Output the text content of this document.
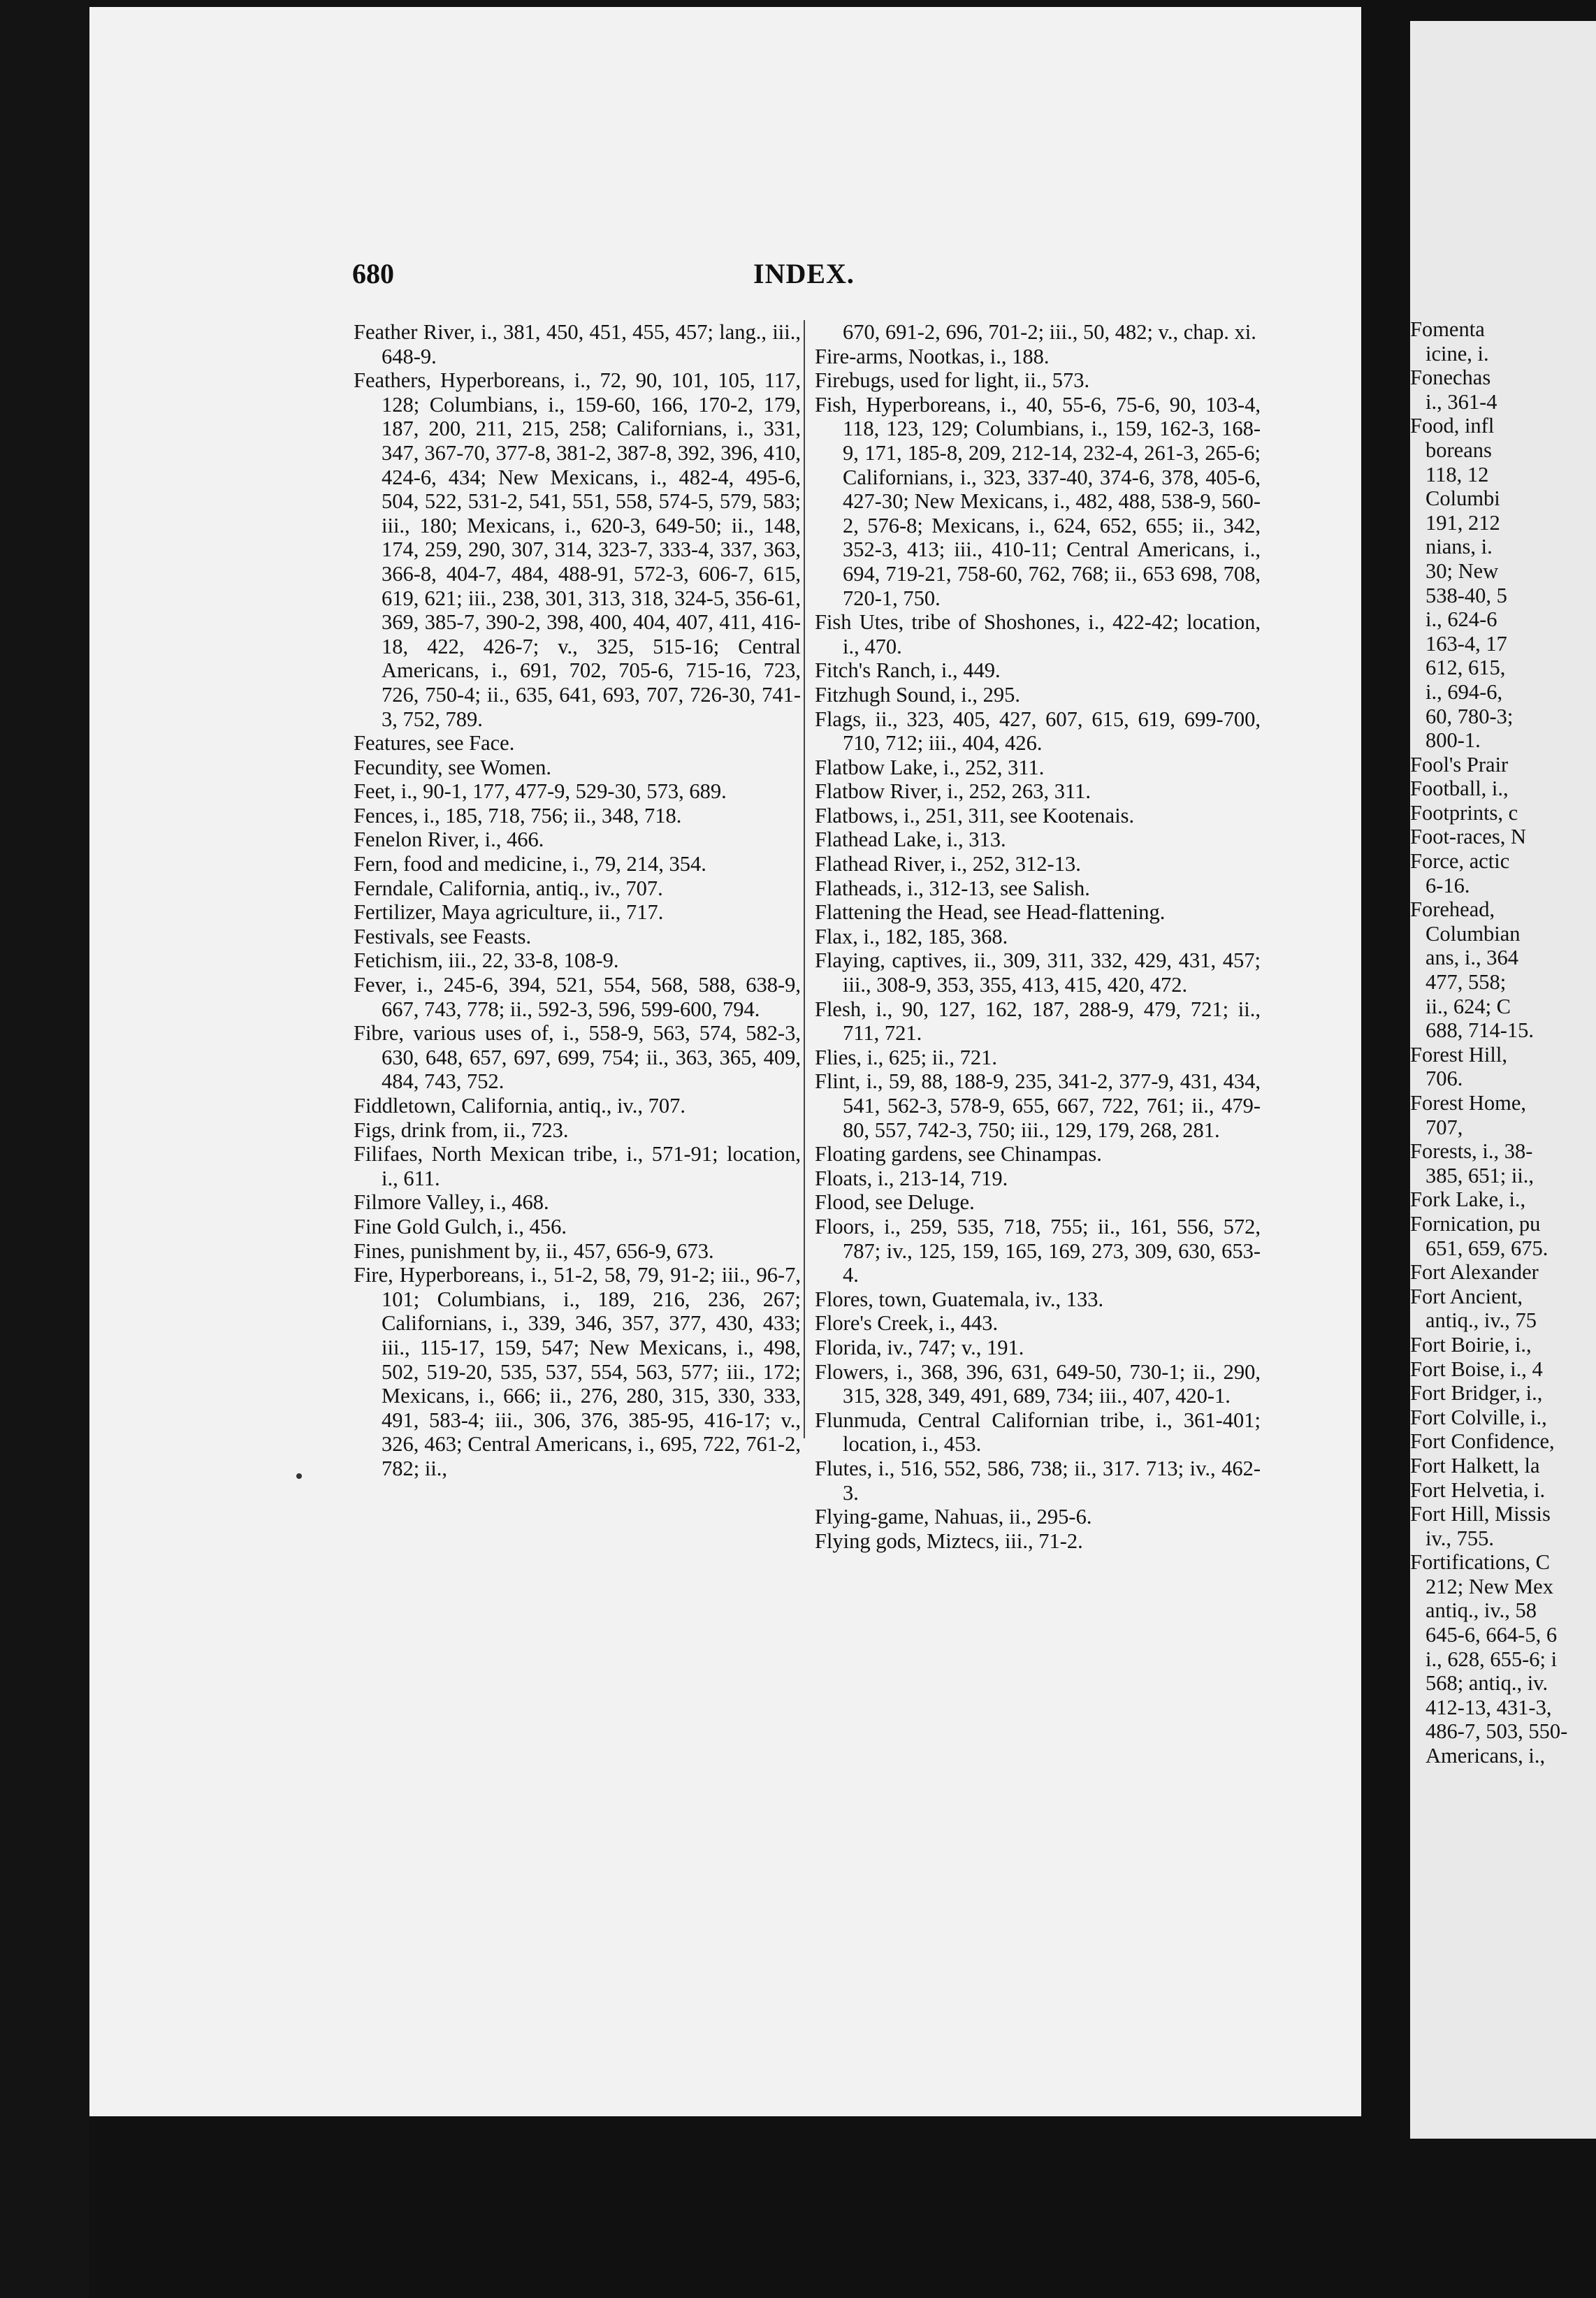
680	INDEX.

Feather River, i., 381, 450, 451, 455, 457; lang., iii., 648-9.

Feathers, Hyperboreans, i., 72, 90, 101, 105, 117, 128; Columbians, i., 159-60, 166, 170-2, 179, 187, 200, 211, 215, 258; Californians, i., 331, 347, 367-70, 377-8, 381-2, 387-8, 392, 396, 410, 424-6, 434; New Mexicans, i., 482-4, 495-6, 504, 522, 531-2, 541, 551, 558, 574-5, 579, 583; iii., 180; Mexicans, i., 620-3, 649-50; ii., 148, 174, 259, 290, 307, 314, 323-7, 333-4, 337, 363, 366-8, 404-7, 484, 488-91, 572-3, 606-7, 615, 619, 621; iii., 238, 301, 313, 318, 324-5, 356-61, 369, 385-7, 390-2, 398, 400, 404, 407, 411, 416-18, 422, 426-7; v., 325, 515-16; Central Americans, i., 691, 702, 705-6, 715-16, 723, 726, 750-4; ii., 635, 641, 693, 707, 726-30, 741-3, 752, 789.

Features, see Face.

Fecundity, see Women.

Feet, i., 90-1, 177, 477-9, 529-30, 573, 689.

Fences, i., 185, 718, 756; ii., 348, 718.

Fenelon River, i., 466.

Fern, food and medicine, i., 79, 214, 354.

Ferndale, California, antiq., iv., 707.

Fertilizer, Maya agriculture, ii., 717.

Festivals, see Feasts.

Fetichism, iii., 22, 33-8, 108-9.

Fever, i., 245-6, 394, 521, 554, 568, 588, 638-9, 667, 743, 778; ii., 592-3, 596, 599-600, 794.

Fibre, various uses of, i., 558-9, 563, 574, 582-3, 630, 648, 657, 697, 699, 754; ii., 363, 365, 409, 484, 743, 752.

Fiddletown, California, antiq., iv., 707.

Figs, drink from, ii., 723.

Filifaes, North Mexican tribe, i., 571-91; location, i., 611.

Filmore Valley, i., 468.

Fine Gold Gulch, i., 456.

Fines, punishment by, ii., 457, 656-9, 673.

Fire, Hyperboreans, i., 51-2, 58, 79, 91-2; iii., 96-7, 101; Columbians, i., 189, 216, 236, 267; Californians, i., 339, 346, 357, 377, 430, 433; iii., 115-17, 159, 547; New Mexicans, i., 498, 502, 519-20, 535, 537, 554, 563, 577; iii., 172; Mexicans, i., 666; ii., 276, 280, 315, 330, 333, 491, 583-4; iii., 306, 376, 385-95, 416-17; v., 326, 463; Central Americans, i., 695, 722, 761-2, 782; ii.,

670, 691-2, 696, 701-2; iii., 50, 482; v., chap. xi.

Fire-arms, Nootkas, i., 188.

Firebugs, used for light, ii., 573.

Fish, Hyperboreans, i., 40, 55-6, 75-6, 90, 103-4, 118, 123, 129; Columbians, i., 159, 162-3, 168-9, 171, 185-8, 209, 212-14, 232-4, 261-3, 265-6; Californians, i., 323, 337-40, 374-6, 378, 405-6, 427-30; New Mexicans, i., 482, 488, 538-9, 560-2, 576-8; Mexicans, i., 624, 652, 655; ii., 342, 352-3, 413; iii., 410-11; Central Americans, i., 694, 719-21, 758-60, 762, 768; ii., 653 698, 708, 720-1, 750.

Fish Utes, tribe of Shoshones, i., 422-42; location, i., 470.

Fitch's Ranch, i., 449.

Fitzhugh Sound, i., 295.

Flags, ii., 323, 405, 427, 607, 615, 619, 699-700, 710, 712; iii., 404, 426.

Flatbow Lake, i., 252, 311.

Flatbow River, i., 252, 263, 311.

Flatbows, i., 251, 311, see Kootenais.

Flathead Lake, i., 313.

Flathead River, i., 252, 312-13.

Flatheads, i., 312-13, see Salish.

Flattening the Head, see Head-flattening.

Flax, i., 182, 185, 368.

Flaying, captives, ii., 309, 311, 332, 429, 431, 457; iii., 308-9, 353, 355, 413, 415, 420, 472.

Flesh, i., 90, 127, 162, 187, 288-9, 479, 721; ii., 711, 721.

Flies, i., 625; ii., 721.

Flint, i., 59, 88, 188-9, 235, 341-2, 377-9, 431, 434, 541, 562-3, 578-9, 655, 667, 722, 761; ii., 479-80, 557, 742-3, 750; iii., 129, 179, 268, 281.

Floating gardens, see Chinampas.

Floats, i., 213-14, 719.

Flood, see Deluge.

Floors, i., 259, 535, 718, 755; ii., 161, 556, 572, 787; iv., 125, 159, 165, 169, 273, 309, 630, 653-4.

Flores, town, Guatemala, iv., 133.

Flore's Creek, i., 443.

Florida, iv., 747; v., 191.

Flowers, i., 368, 396, 631, 649-50, 730-1; ii., 290, 315, 328, 349, 491, 689, 734; iii., 407, 420-1.

Flunmuda, Central Californian tribe, i., 361-401; location, i., 453.

Flutes, i., 516, 552, 586, 738; ii., 317. 713; iv., 462-3.

Flying-game, Nahuas, ii., 295-6.

Flying gods, Miztecs, iii., 71-2.

Fomenta
icine, i.
Fonechas
i., 361-4
Food, infl
boreans
118, 12
Columbi
191, 212
nians, i.
30; New
538-40, 5
i., 624-6
163-4, 17
612, 615,
i., 694-6,
60, 780-3;
800-1.
Fool's Prair
Football, i.,
Footprints, c
Foot-races, N
Force, actic
6-16.
Forehead,
Columbian
ans, i., 364
477, 558;
ii., 624; C
688, 714-15.
Forest Hill,
706.
Forest Home,
707,
Forests, i., 38-
385, 651; ii.,
Fork Lake, i.,
Fornication, pu
651, 659, 675.
Fort Alexander
Fort Ancient,
antiq., iv., 75
Fort Boirie, i.,
Fort Boise, i., 4
Fort Bridger, i.,
Fort Colville, i.,
Fort Confidence,
Fort Halkett, la
Fort Helvetia, i.
Fort Hill, Missis
iv., 755.
Fortifications, C
212; New Mex
antiq., iv., 58
645-6, 664-5, 6
i., 628, 655-6; i
568; antiq., iv.
412-13, 431-3,
486-7, 503, 550-
Americans, i.,
